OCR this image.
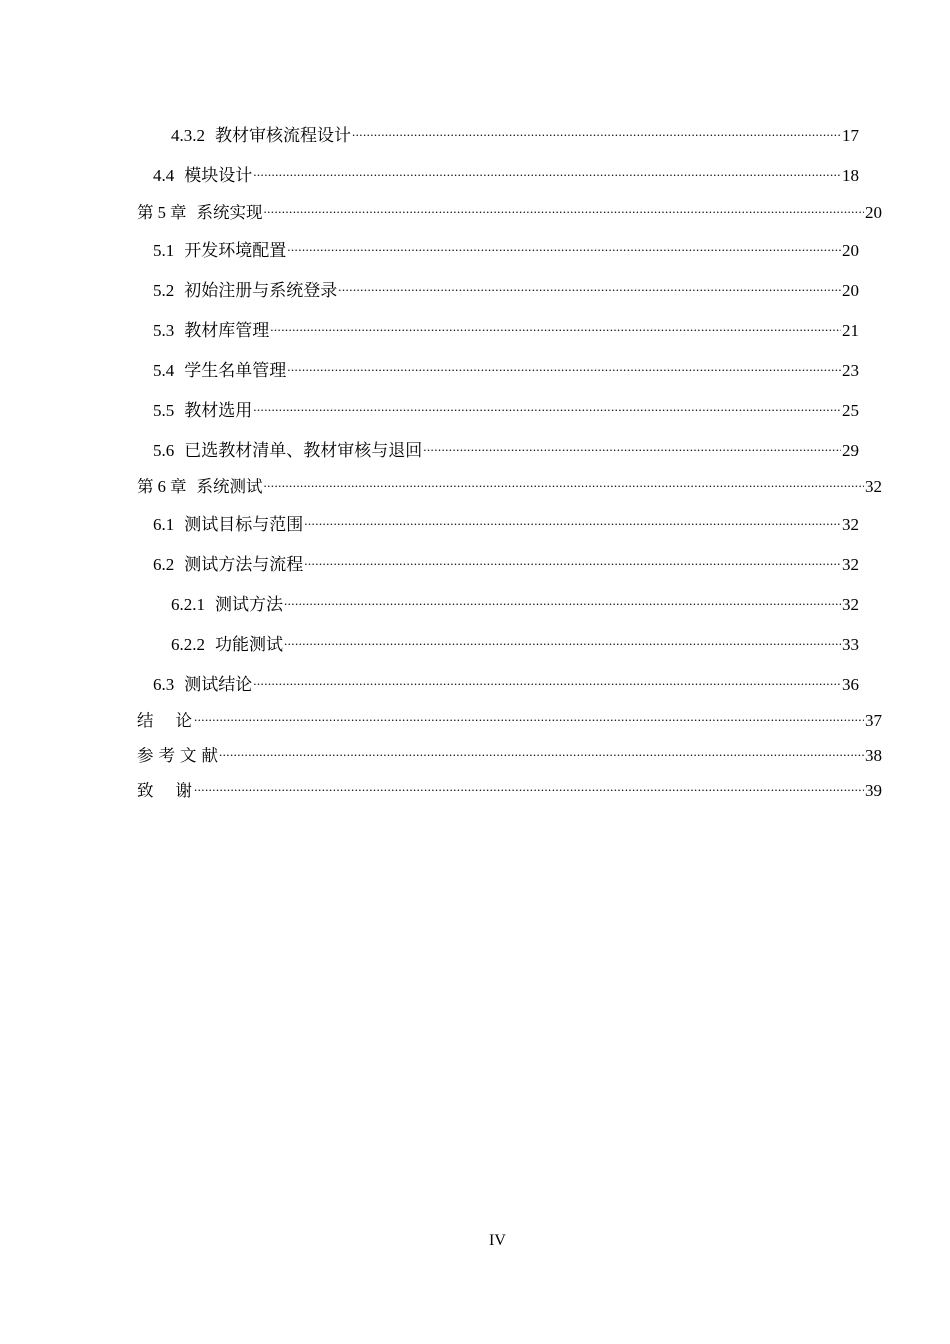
4.3.2 教材审核流程设计 .....	17
4.4 模块设计 .....	18
第 5 章 系统实现 .....	20
5.1 开发环境配置 .....	20
5.2 初始注册与系统登录 .....	20
5.3 教材库管理 .....	21
5.4 学生名单管理 .....	23
5.5 教材选用 .....	25
5.6 已选教材清单、教材审核与退回 .....	29
第 6 章 系统测试 .....	32
6.1 测试目标与范围 .....	32
6.2 测试方法与流程 .....	32
6.2.1 测试方法 .....	32
6.2.2 功能测试 .....	33
6.3 测试结论 .....	36
结论 .....	37
参考文献 .....	38
致谢 .....	39
IV
